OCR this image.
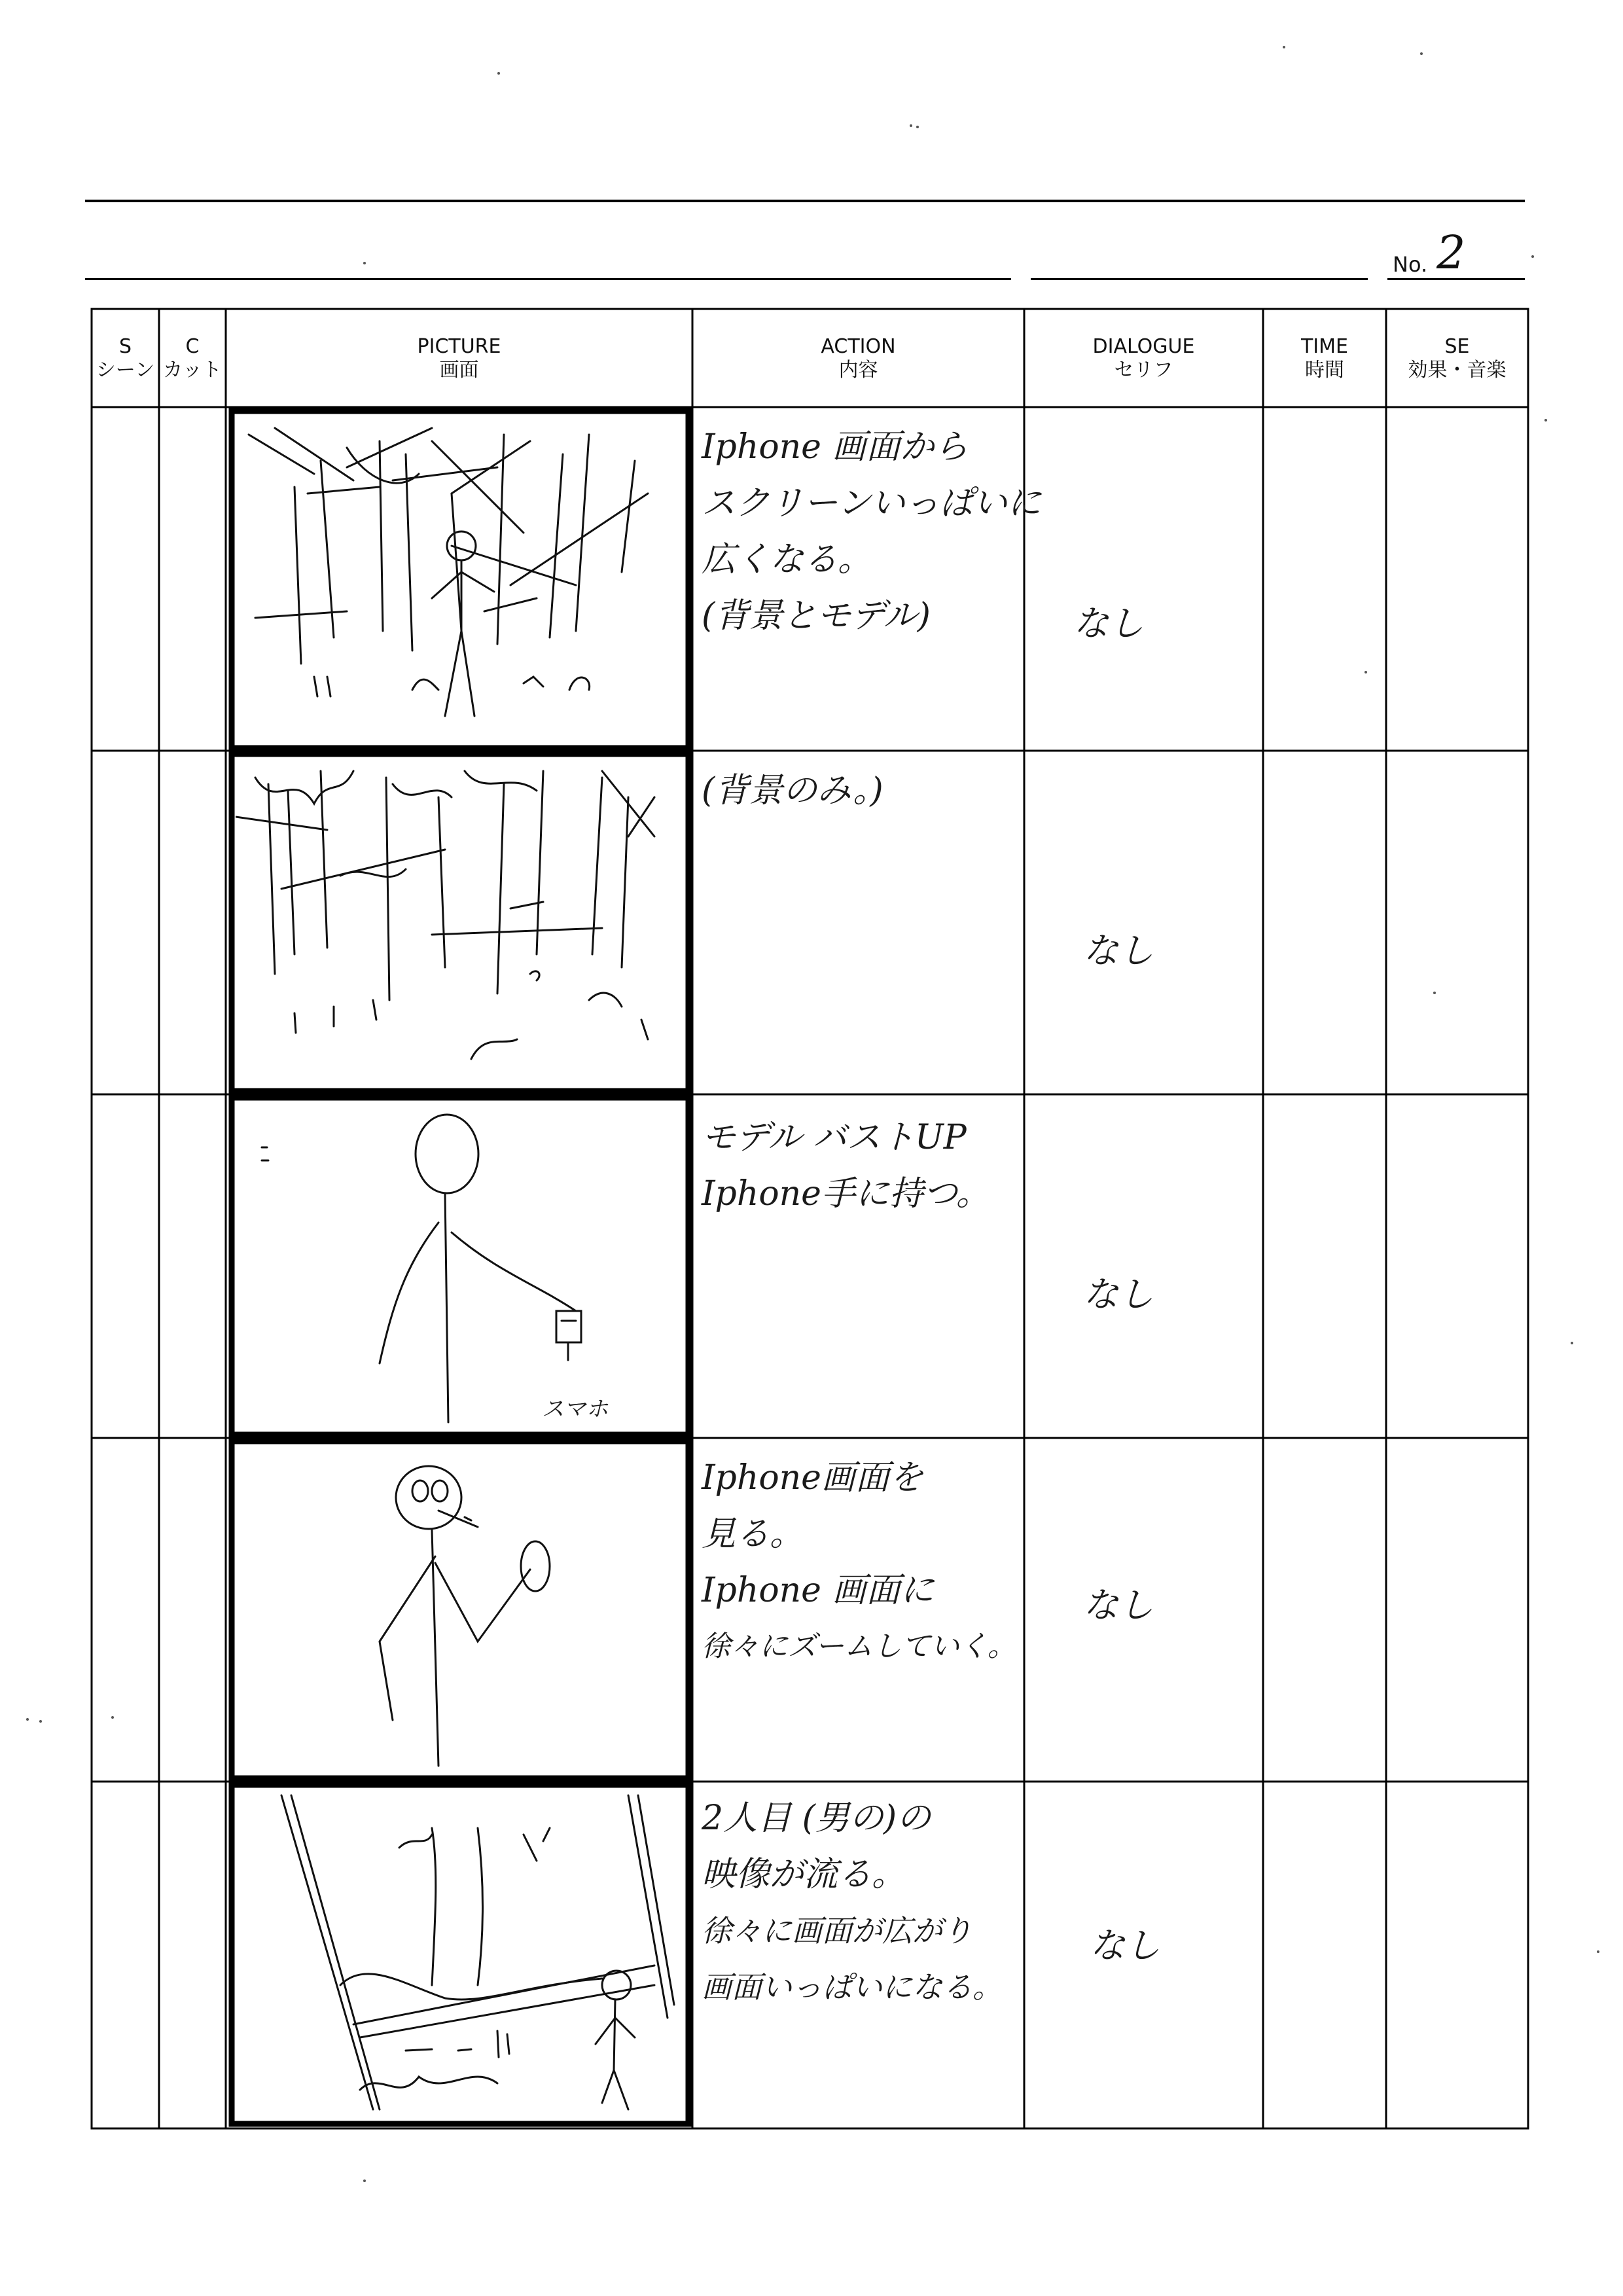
No. 2
S
シーン
C
カット
PICTURE
画面
ACTION
内容
DIALOGUE
セリフ
TIME
時間
SE
効果・音楽
スマホ
Iphone 画面から
スクリーンいっぱいに
広くなる。
(背景とモデル)
(背景のみ。)
モデル バストUP
Iphone手に持つ。
Iphone画面を
見る。
Iphone 画面に
徐々にズームしていく。
2人目 (男の)の
映像が流る。
徐々に画面が広がり
画面いっぱいになる。
なし
なし
なし
なし
なし
